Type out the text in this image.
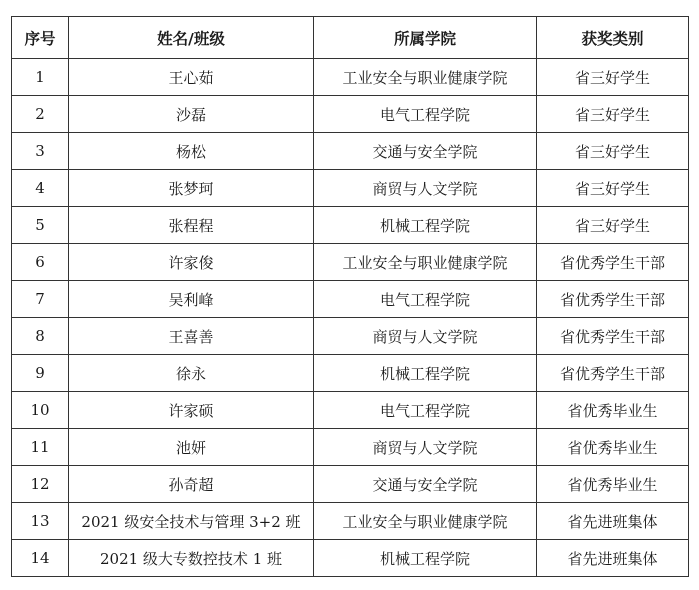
序号	姓名/班级	所属学院	获奖类别
1	王心茹	工业安全与职业健康学院	省三好学生
2	沙磊	电气工程学院	省三好学生
3	杨松	交通与安全学院	省三好学生
4	张梦珂	商贸与人文学院	省三好学生
5	张程程	机械工程学院	省三好学生
6	许家俊	工业安全与职业健康学院	省优秀学生干部
7	吴利峰	电气工程学院	省优秀学生干部
8	王喜善	商贸与人文学院	省优秀学生干部
9	徐永	机械工程学院	省优秀学生干部
10	许家硕	电气工程学院	省优秀毕业生
11	池妍	商贸与人文学院	省优秀毕业生
12	孙奇超	交通与安全学院	省优秀毕业生
13	2021 级安全技术与管理 3+2 班	工业安全与职业健康学院	省先进班集体
14	2021 级大专数控技术 1 班	机械工程学院	省先进班集体
